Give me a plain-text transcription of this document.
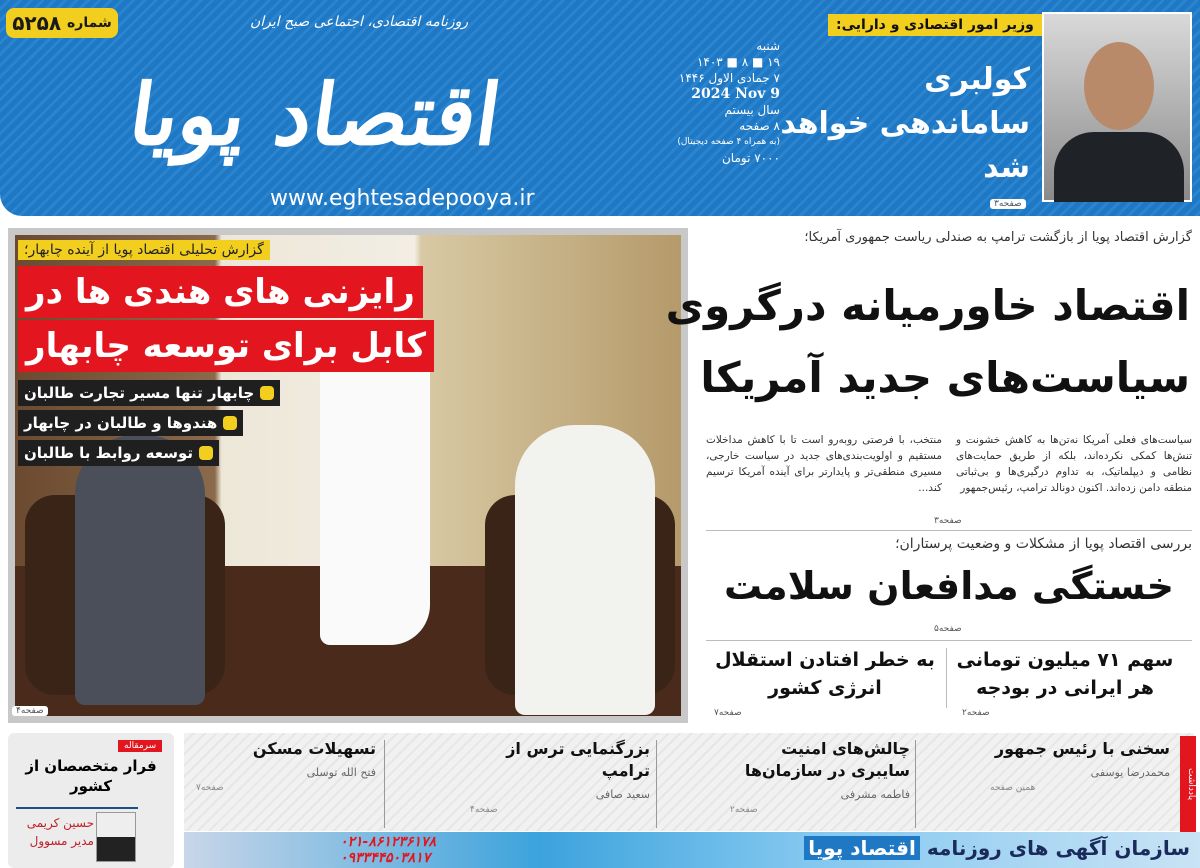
شماره
۵۲۵۸
اقتصاد پویا
روزنامه اقتصادی، اجتماعی صبح ایران
www.eghtesadepooya.ir
شنبه
۱۹ ■ ۸ ■ ۱۴۰۳
۷ جمادی الاول ۱۴۴۶
2024 Nov 9
سال بیستم
۸ صفحه
(به همراه ۴ صفحه دیجیتال)
۷۰۰۰ تومان
وزیر امور اقتصادی و دارایی:
کولبری ساماندهی خواهد شد
صفحه۳
گزارش تحلیلی اقتصاد پویا از آینده چابهار؛
رایزنی های هندی ها در
کابل برای توسعه چابهار
چابهار تنها مسیر تجارت طالبان
هندوها و طالبان در چابهار
توسعه روابط با طالبان
صفحه۴
گزارش اقتصاد پویا از بازگشت ترامپ به صندلی ریاست جمهوری آمریکا؛
اقتصاد خاورمیانه درگروی
سیاست‌های جدید آمریکا
سیاست‌های فعلی آمریکا نه‌تن‌ها به کاهش خشونت و تنش‌ها کمکی نکرده‌اند، بلکه از طریق حمایت‌های نظامی و دیپلماتیک، به تداوم درگیری‌ها و بی‌ثباتی منطقه دامن زده‌اند. اکنون دونالد ترامپ، رئیس‌جمهور
منتخب، با فرصتی روبه‌رو است تا با کاهش مداخلات مستقیم و اولویت‌بندی‌های جدید در سیاست خارجی، مسیری منطقی‌تر و پایدارتر برای آینده آمریکا ترسیم کند...
صفحه۳
بررسی اقتصاد پویا از مشکلات و وضعیت پرستاران؛
خستگی مدافعان سلامت
صفحه۵
سهم ۷۱ میلیون تومانی هر ایرانی در بودجه
به خطر افتادن استقلال انرژی کشور
صفحه۲
صفحه۷
سرمقاله
فرار متخصصان از کشور
حسین کریمی
مدیر مسوول
یادداشت
سخنی با رئیس جمهور
محمدرضا یوسفی
همین صفحه
چالش‌های امنیت سایبری در سازمان‌ها
فاطمه مشرفی
صفحه۲
بزرگنمایی ترس از ترامپ
سعید صافی
صفحه۴
تسهیلات مسکن
فتح الله توسلی
صفحه۷
۰۲۱-۸۶۱۲۳۶۱۷۸
۰۹۳۳۴۴۵۰۳۸۱۷	سازمان آگهی های روزنامه اقتصاد پویا
